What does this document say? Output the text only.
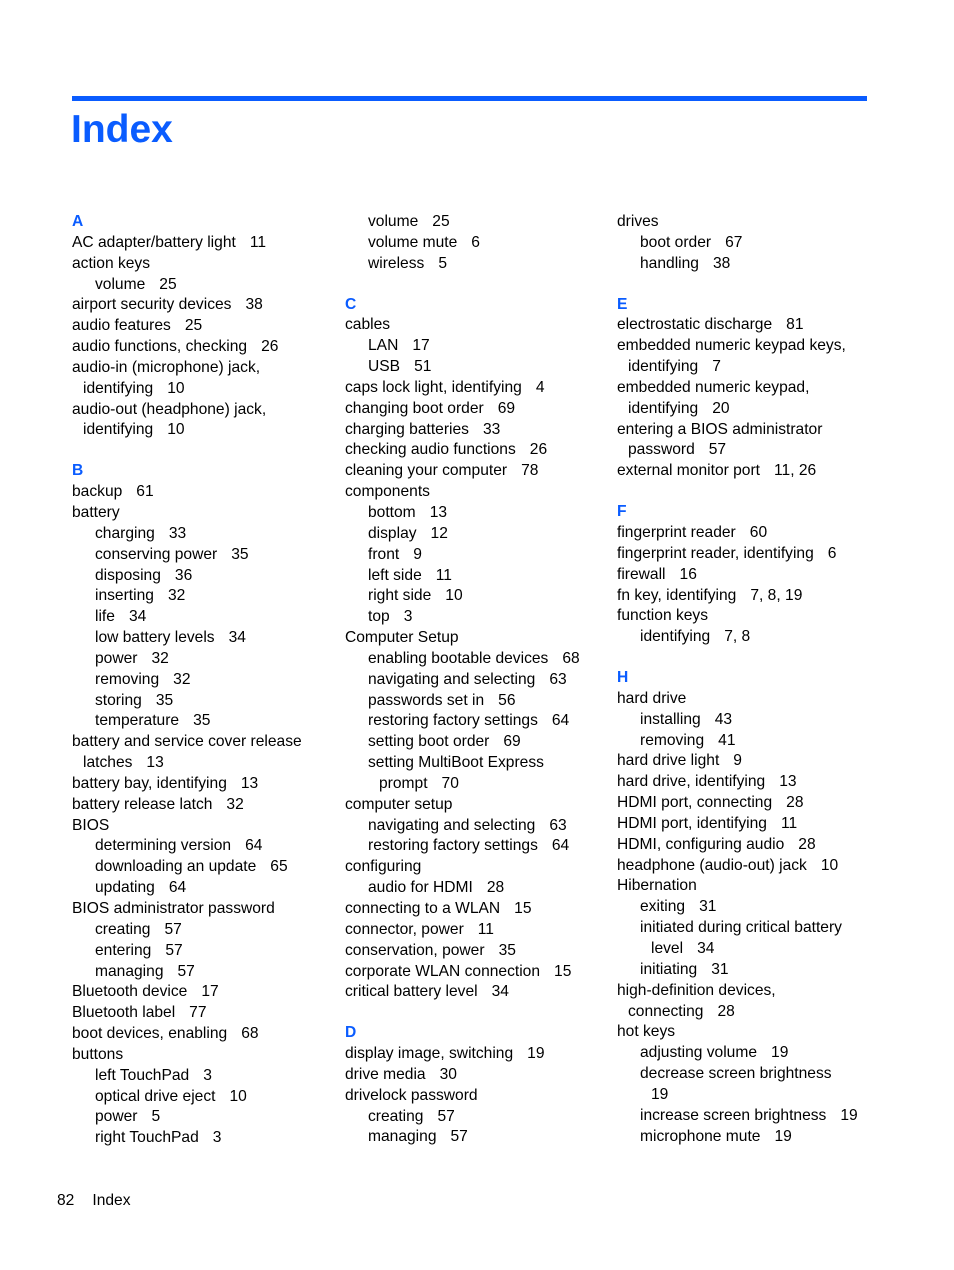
Index
A
AC adapter/battery light 11
action keys
volume 25
airport security devices 38
audio features 25
audio functions, checking 26
audio-in (microphone) jack,
identifying 10
audio-out (headphone) jack,
identifying 10
B
backup 61
battery
charging 33
conserving power 35
disposing 36
inserting 32
life 34
low battery levels 34
power 32
removing 32
storing 35
temperature 35
battery and service cover release
latches 13
battery bay, identifying 13
battery release latch 32
BIOS
determining version 64
downloading an update 65
updating 64
BIOS administrator password
creating 57
entering 57
managing 57
Bluetooth device 17
Bluetooth label 77
boot devices, enabling 68
buttons
left TouchPad 3
optical drive eject 10
power 5
right TouchPad 3
volume 25
volume mute 6
wireless 5
C
cables
LAN 17
USB 51
caps lock light, identifying 4
changing boot order 69
charging batteries 33
checking audio functions 26
cleaning your computer 78
components
bottom 13
display 12
front 9
left side 11
right side 10
top 3
Computer Setup
enabling bootable devices 68
navigating and selecting 63
passwords set in 56
restoring factory settings 64
setting boot order 69
setting MultiBoot Express
prompt 70
computer setup
navigating and selecting 63
restoring factory settings 64
configuring
audio for HDMI 28
connecting to a WLAN 15
connector, power 11
conservation, power 35
corporate WLAN connection 15
critical battery level 34
D
display image, switching 19
drive media 30
drivelock password
creating 57
managing 57
drives
boot order 67
handling 38
E
electrostatic discharge 81
embedded numeric keypad keys,
identifying 7
embedded numeric keypad,
identifying 20
entering a BIOS administrator
password 57
external monitor port 11, 26
F
fingerprint reader 60
fingerprint reader, identifying 6
firewall 16
fn key, identifying 7, 8, 19
function keys
identifying 7, 8
H
hard drive
installing 43
removing 41
hard drive light 9
hard drive, identifying 13
HDMI port, connecting 28
HDMI port, identifying 11
HDMI, configuring audio 28
headphone (audio-out) jack 10
Hibernation
exiting 31
initiated during critical battery
level 34
initiating 31
high-definition devices,
connecting 28
hot keys
adjusting volume 19
decrease screen brightness
19
increase screen brightness 19
microphone mute 19
82 Index
